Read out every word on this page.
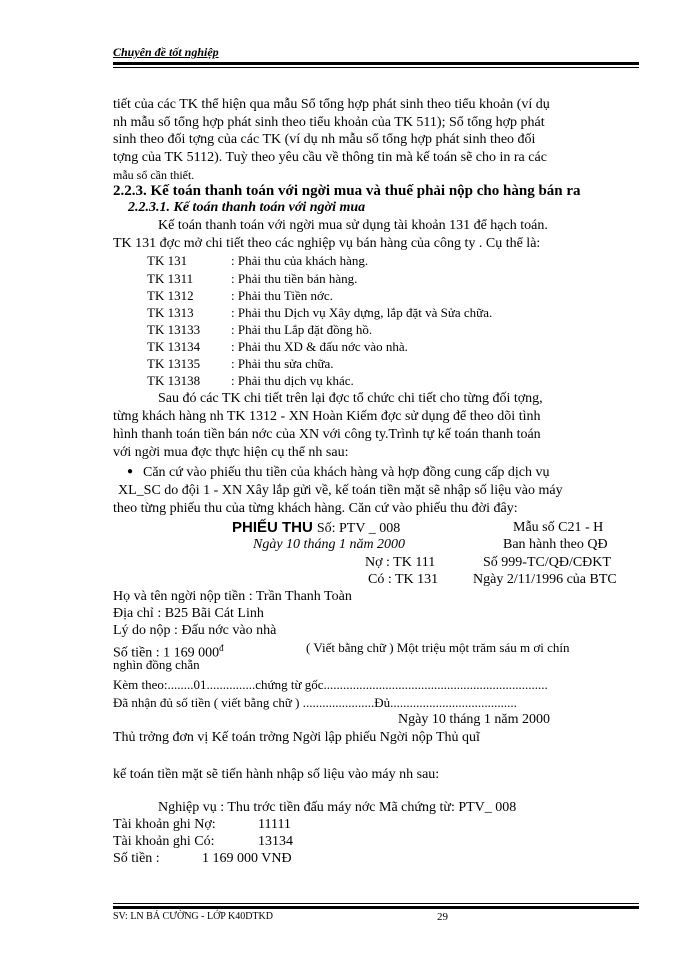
Chuyên đề tốt nghiệp
tiết của các TK thể hiện qua mẫu Sổ tổng hợp phát sinh theo tiểu khoản (ví dụ
nh mẫu sổ tổng hợp phát sinh theo tiểu khoản của TK 511); Sổ tổng hợp phát
sinh theo đối tợng của các TK (ví dụ nh mẫu sổ tổng hợp phát sinh theo đối
tợng của TK 5112). Tuỳ theo yêu cầu về thông tin mà kế toán sẽ cho in ra các
mẫu sổ cần thiết.
2.2.3. Kế toán thanh toán với ngời mua và thuế phải nộp cho hàng bán ra
2.2.3.1. Kế toán thanh toán với ngời mua
Kế toán thanh toán với ngời mua sử dụng tài khoản 131 để hạch toán.
TK 131 đợc mở chi tiết theo các nghiệp vụ bán hàng của công ty . Cụ thể là:
TK 131	: Phải thu của khách hàng.
TK 1311	: Phải thu tiền bán hàng.
TK 1312	: Phải thu Tiền nớc.
TK 1313	: Phải thu Dịch vụ Xây dựng, lắp đặt và Sửa chữa.
TK 13133 : Phải thu Lắp đặt đồng hồ.
TK 13134 : Phải thu XD & đấu nớc vào nhà.
TK 13135 : Phải thu sửa chữa.
TK 13138 : Phải thu dịch vụ khác.
Sau đó các TK chi tiết trên lại đợc tổ chức chi tiết cho từng đối tợng,
từng khách hàng nh TK 1312 - XN Hoàn Kiếm đợc sử dụng để theo dõi tình
hình thanh toán tiền bán nớc của XN với công ty.Trình tự kế toán thanh toán
với ngời mua đợc thực hiện cụ thể nh sau:
● Căn cứ vào phiếu thu tiền của khách hàng và hợp đồng cung cấp dịch vụ
XL_SC do đội 1 - XN Xây lắp gửi về, kế toán tiền mặt sẽ nhập số liệu vào máy
theo từng phiếu thu của từng khách hàng. Căn cứ vào phiếu thu đời đây:
PHIẾU THU Số: PTV _ 008	Mẫu số C21 - H
Ngày 10 tháng 1 năm 2000	Ban hành theo QĐ
Nợ : TK 111	Số 999-TC/QĐ/CĐKT
Có : TK 131 Ngày 2/11/1996 của BTC
Họ và tên ngời nộp tiền : Trần Thanh Toàn
Địa chỉ : B25 Bãi Cát Linh
Lý do nộp : Đấu nớc vào nhà
Số tiền : 1 169 $000^đ$	( Viết bằng chữ ) Một triệu một trăm sáu m ơi chín
nghìn đồng chẵn
Kèm theo:........01...............chứng từ gốc.....................................................................
Đã nhận đủ số tiền ( viết bằng chữ ) ......................Đủ.......................................
Ngày 10 tháng 1 năm 2000
Thủ trởng đơn vị Kế toán trởng Ngời lập phiếu Ngời nộp Thủ quĩ
kế toán tiền mặt sẽ tiến hành nhập số liệu vào máy nh sau:
Nghiệp vụ : Thu trớc tiền đấu máy nớc Mã chứng từ: PTV_ 008
Tài khoản ghi Nợ:	11111
Tài khoản ghi Có:	13134
Số tiền :	1 169 000 VNĐ
SV: LN BÁ CƯỜNG - LỚP K40DTKD	29
